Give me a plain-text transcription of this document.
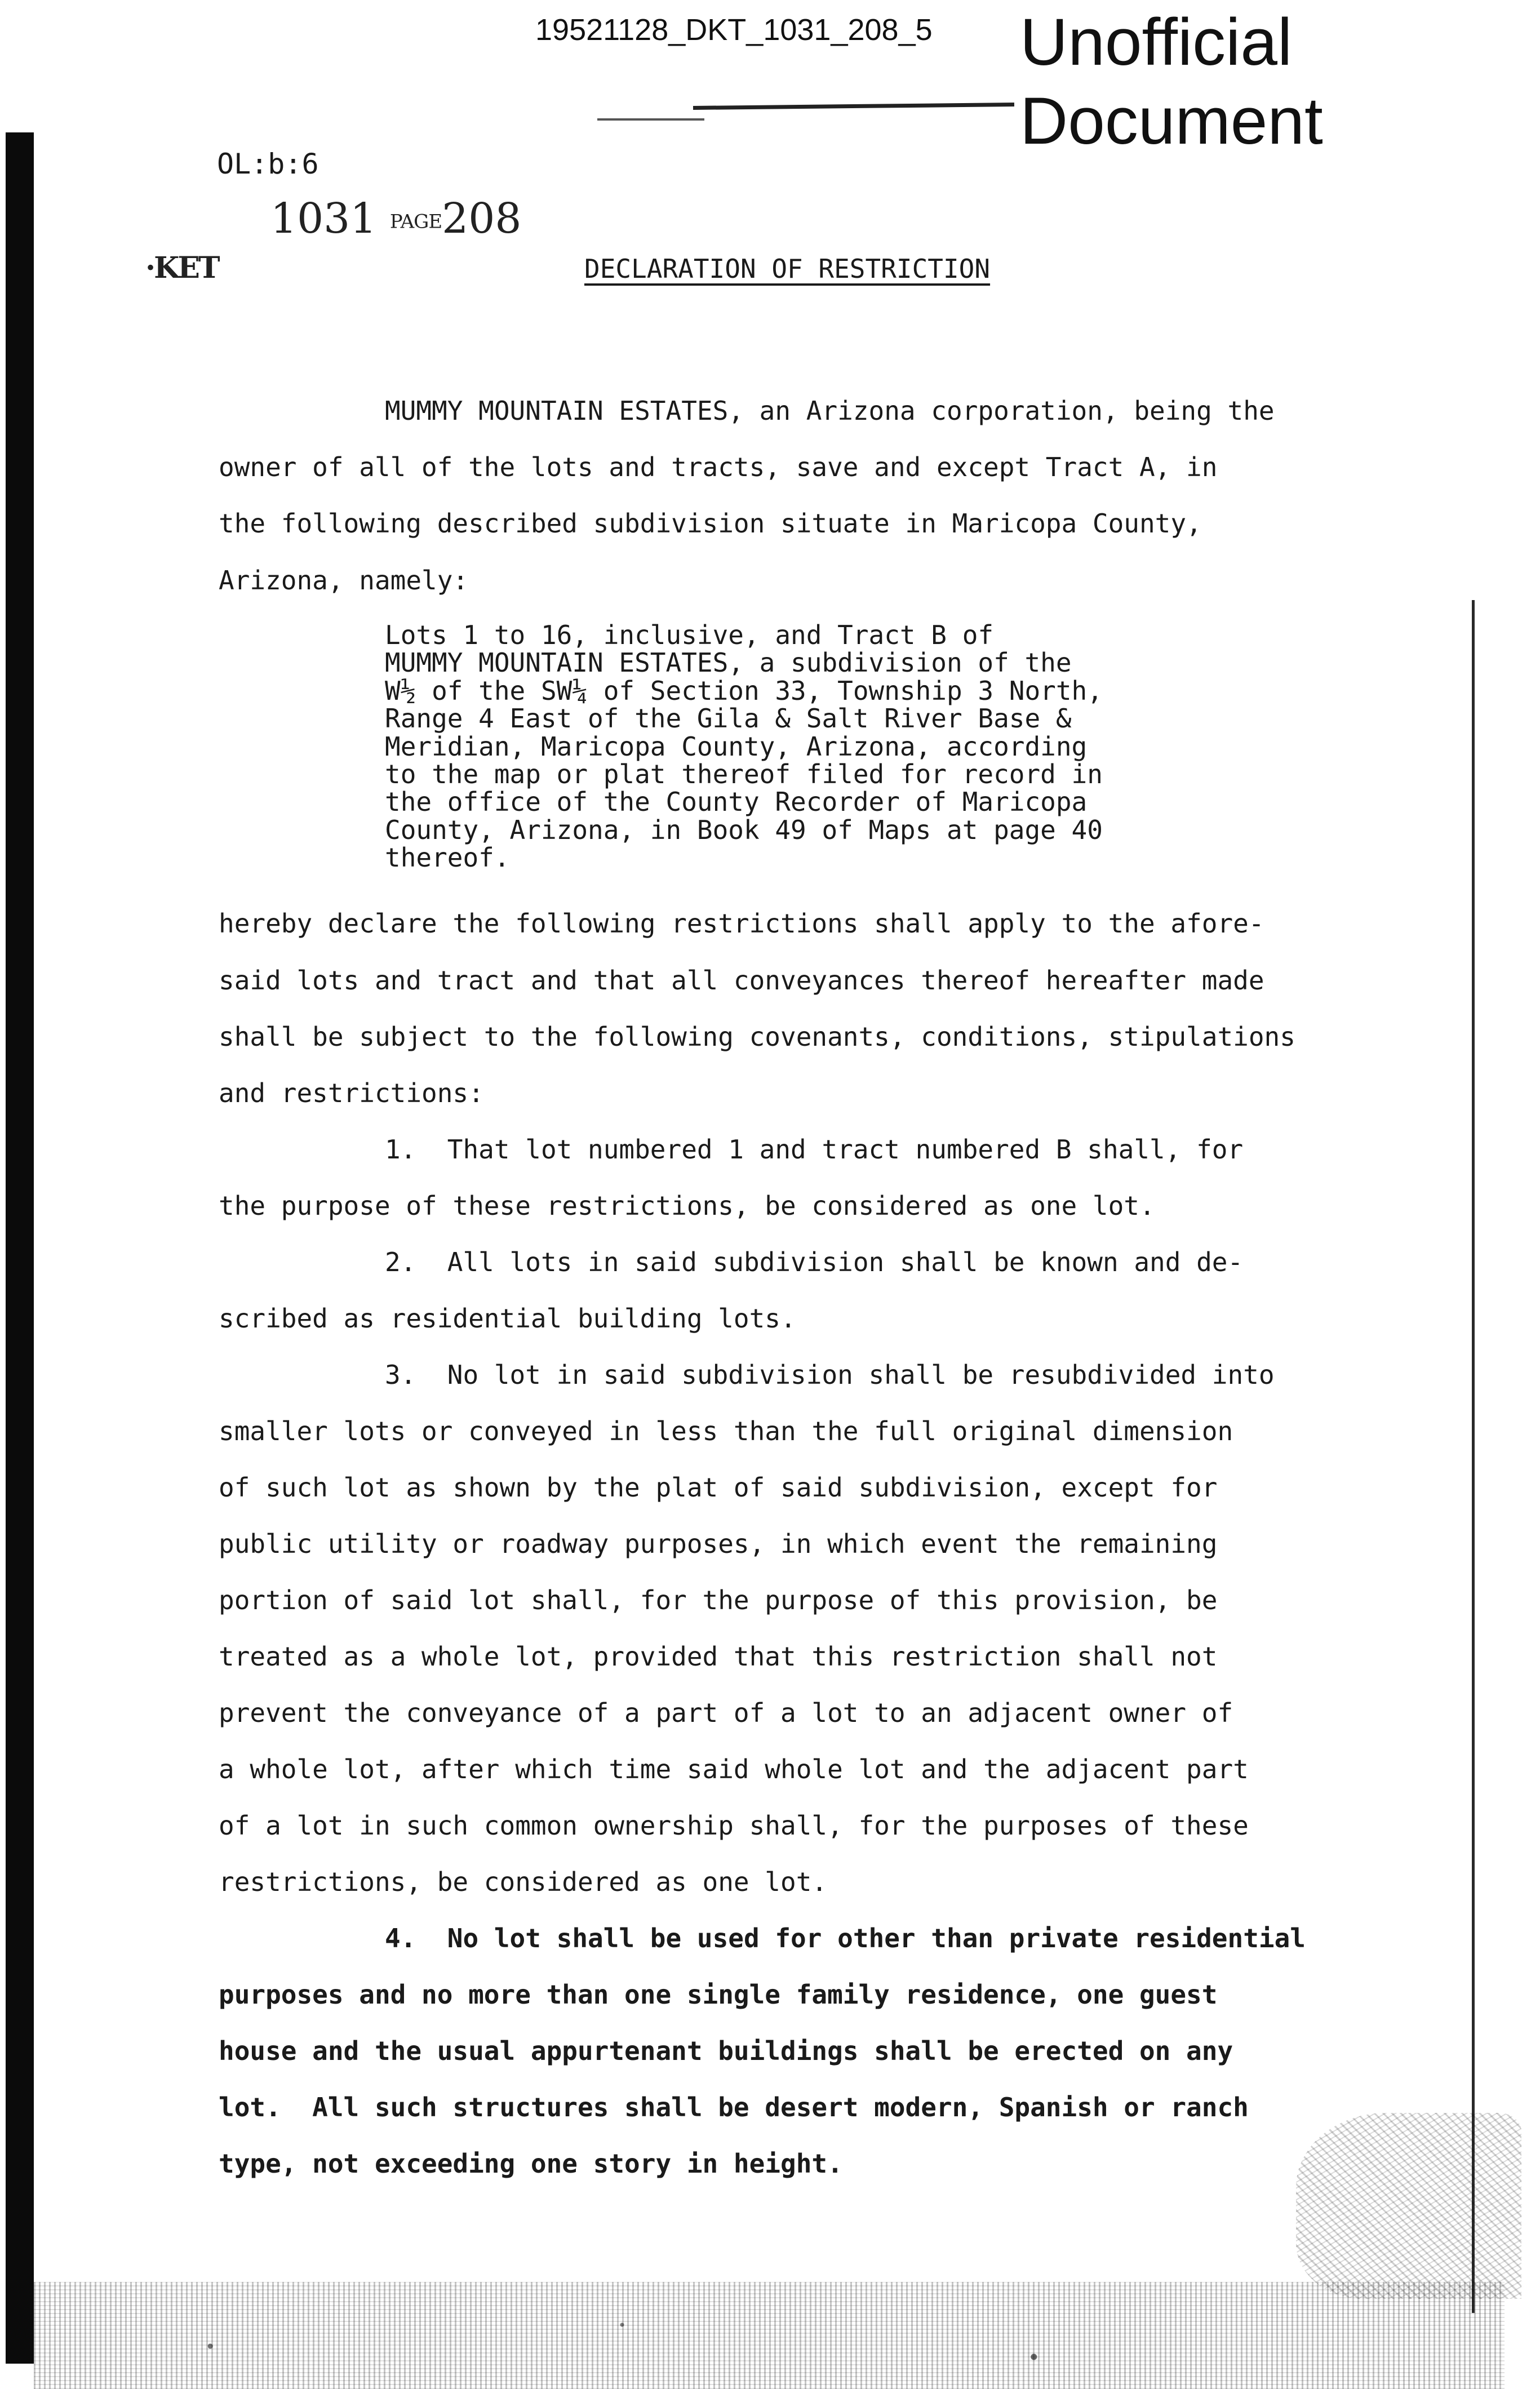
19521128_DKT_1031_208_5 Unofficial
Document
OL:b:6
1031 PAGE208
·KET	DECLARATION OF RESTRICTION
MUMMY MOUNTAIN ESTATES, an Arizona corporation, being the
owner of all of the lots and tracts, save and except Tract A, in
the following described subdivision situate in Maricopa County,
Arizona, namely:
Lots 1 to 16, inclusive, and Tract B of
MUMMY MOUNTAIN ESTATES, a subdivision of the
W½ of the SW¼ of Section 33, Township 3 North,
Range 4 East of the Gila & Salt River Base &
Meridian, Maricopa County, Arizona, according
to the map or plat thereof filed for record in
the office of the County Recorder of Maricopa
County, Arizona, in Book 49 of Maps at page 40
thereof.
hereby declare the following restrictions shall apply to the afore-
said lots and tract and that all conveyances thereof hereafter made
shall be subject to the following covenants, conditions, stipulations
and restrictions:
1.  That lot numbered 1 and tract numbered B shall, for
the purpose of these restrictions, be considered as one lot.
2.  All lots in said subdivision shall be known and de-
scribed as residential building lots.
3.  No lot in said subdivision shall be resubdivided into
smaller lots or conveyed in less than the full original dimension
of such lot as shown by the plat of said subdivision, except for
public utility or roadway purposes, in which event the remaining
portion of said lot shall, for the purpose of this provision, be
treated as a whole lot, provided that this restriction shall not
prevent the conveyance of a part of a lot to an adjacent owner of
a whole lot, after which time said whole lot and the adjacent part
of a lot in such common ownership shall, for the purposes of these
restrictions, be considered as one lot.
4.  No lot shall be used for other than private residential
purposes and no more than one single family residence, one guest
house and the usual appurtenant buildings shall be erected on any
lot.  All such structures shall be desert modern, Spanish or ranch
type, not exceeding one story in height.
